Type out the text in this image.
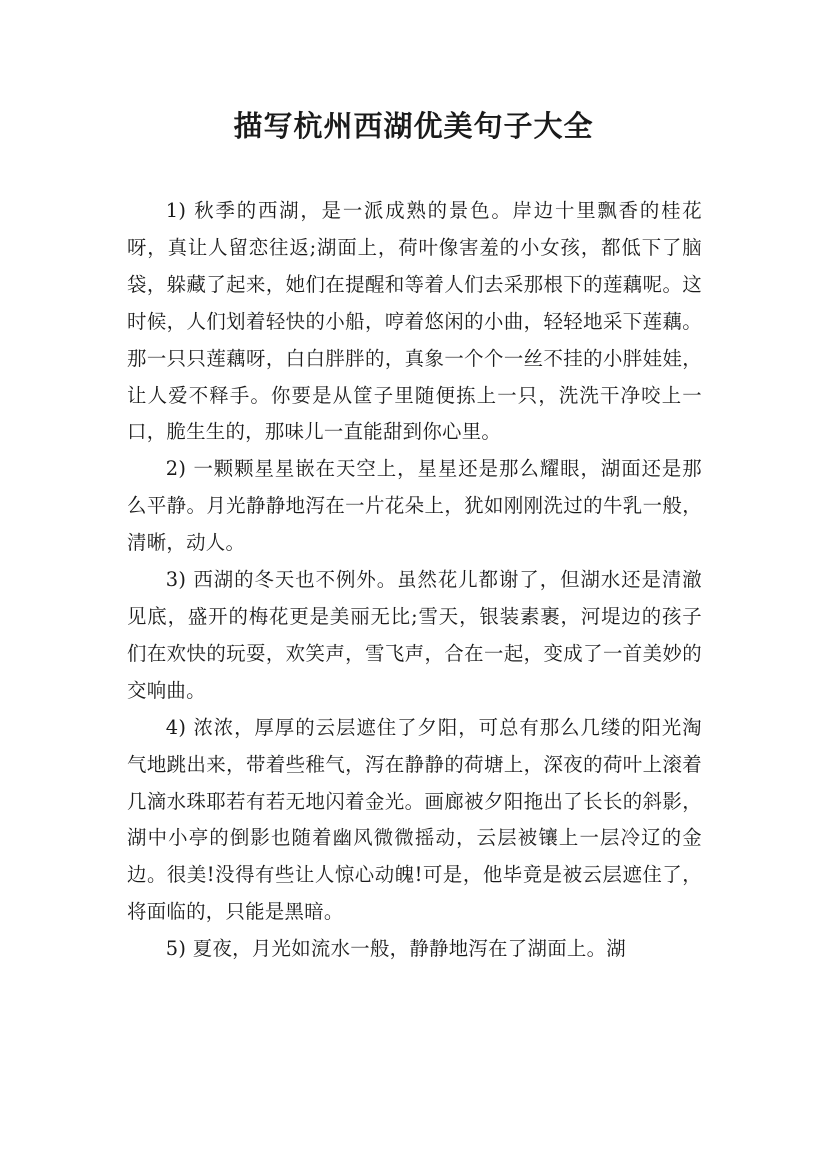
描写杭州西湖优美句子大全

1) 秋季的西湖，是一派成熟的景色。岸边十里飘香的桂花呀，真让人留恋往返;湖面上，荷叶像害羞的小女孩，都低下了脑袋，躲藏了起来，她们在提醒和等着人们去采那根下的莲藕呢。这时候，人们划着轻快的小船，哼着悠闲的小曲，轻轻地采下莲藕。那一只只莲藕呀，白白胖胖的，真象一个个一丝不挂的小胖娃娃，让人爱不释手。你要是从筐子里随便拣上一只，洗洗干净咬上一口，脆生生的，那味儿一直能甜到你心里。

2) 一颗颗星星嵌在天空上，星星还是那么耀眼，湖面还是那么平静。月光静静地泻在一片花朵上，犹如刚刚洗过的牛乳一般，清晰，动人。

3) 西湖的冬天也不例外。虽然花儿都谢了，但湖水还是清澈见底，盛开的梅花更是美丽无比;雪天，银装素裹，河堤边的孩子们在欢快的玩耍，欢笑声，雪飞声，合在一起，变成了一首美妙的交响曲。

4) 浓浓，厚厚的云层遮住了夕阳，可总有那么几缕的阳光淘气地跳出来，带着些稚气，泻在静静的荷塘上，深夜的荷叶上滚着几滴水珠耶若有若无地闪着金光。画廊被夕阳拖出了长长的斜影，湖中小亭的倒影也随着幽风微微摇动，云层被镶上一层冷辽的金边。很美!没得有些让人惊心动魄!可是，他毕竟是被云层遮住了，将面临的，只能是黑暗。

5) 夏夜，月光如流水一般，静静地泻在了湖面上。湖
